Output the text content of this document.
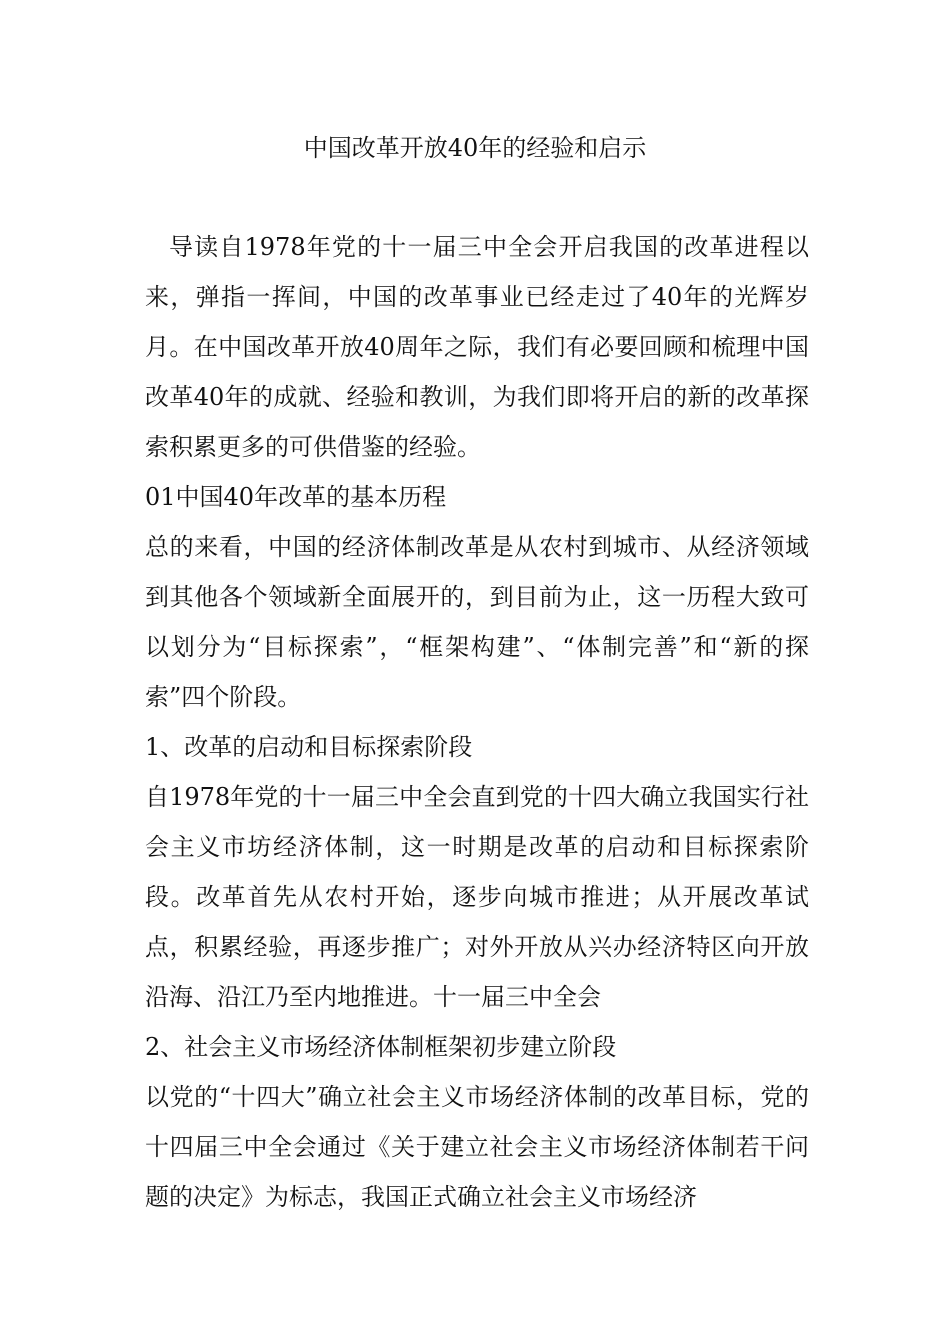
中国改革开放40年的经验和启示

导读自1978年党的十一届三中全会开启我国的改革进程以来，弹指一挥间，中国的改革事业已经走过了40年的光辉岁月。在中国改革开放40周年之际，我们有必要回顾和梳理中国改革40年的成就、经验和教训，为我们即将开启的新的改革探索积累更多的可供借鉴的经验。

01中国40年改革的基本历程

总的来看，中国的经济体制改革是从农村到城市、从经济领域到其他各个领域新全面展开的，到目前为止，这一历程大致可以划分为“目标探索”，“框架构建”、“体制完善”和“新的探索”四个阶段。

1、改革的启动和目标探索阶段

自1978年党的十一届三中全会直到党的十四大确立我国实行社会主义市坊经济体制，这一时期是改革的启动和目标探索阶段。改革首先从农村开始，逐步向城市推进；从开展改革试点，积累经验，再逐步推广；对外开放从兴办经济特区向开放沿海、沿江乃至内地推进。十一届三中全会

2、社会主义市场经济体制框架初步建立阶段

以党的“十四大”确立社会主义市场经济体制的改革目标，党的十四届三中全会通过《关于建立社会主义市场经济体制若干问题的决定》为标志，我国正式确立社会主义市场经济
